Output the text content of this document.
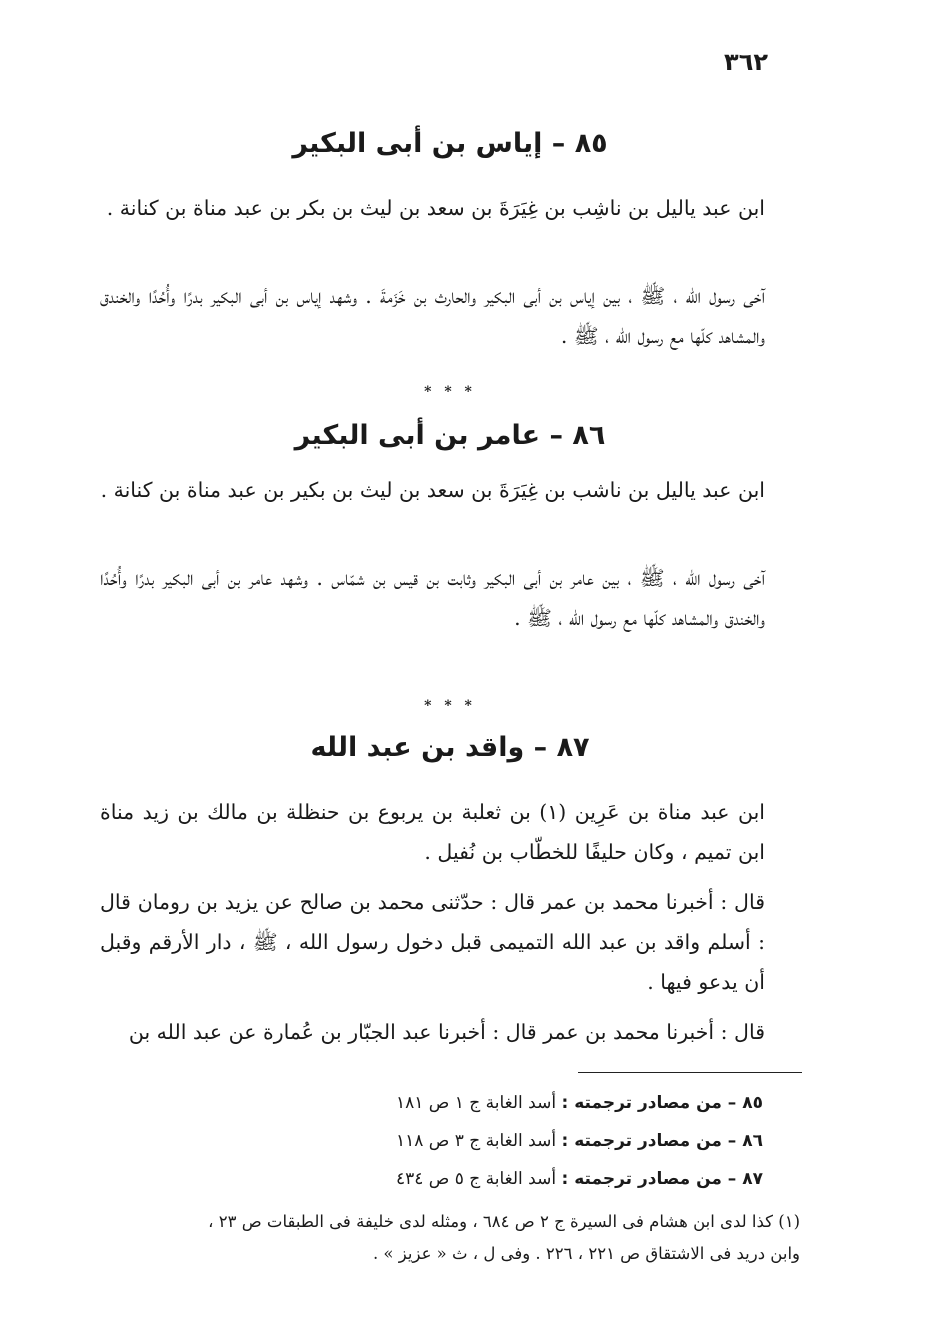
٣٦٢
٨٥ – إياس بن أبى البكير
ابن عبد ياليل بن ناشِب بن غِيَرَةَ بن سعد بن ليث بن بكر بن عبد مناة بن كنانة .
آخى رسول الله ، ﷺ ، بين إياس بن أبى البكير والحارث بن خَزَمةَ . وشهد إياس بن أبى البكير بدرًا وأُحُدًا والخندق والمشاهد كلّها مع رسول الله ، ﷺ .
* * *
٨٦ – عامر بن أبى البكير
ابن عبد ياليل بن ناشب بن غِيَرَةَ بن سعد بن ليث بن بكير بن عبد مناة بن كنانة .
آخى رسول الله ، ﷺ ، بين عامر بن أبى البكير وثابت بن قيس بن شمّاس . وشهد عامر بن أبى البكير بدرًا وأُحُدًا والخندق والمشاهد كلّها مع رسول الله ، ﷺ .
* * *
٨٧ – واقد بن عبد الله
ابن عبد مناة بن عَرِين (١) بن ثعلبة بن يربوع بن حنظلة بن مالك بن زيد مناة ابن تميم ، وكان حليفًا للخطّاب بن نُفيل .
قال : أخبرنا محمد بن عمر قال : حدّثنى محمد بن صالح عن يزيد بن رومان قال : أسلم واقد بن عبد الله التميمى قبل دخول رسول الله ، ﷺ ، دار الأرقم وقبل أن يدعو فيها .
قال : أخبرنا محمد بن عمر قال : أخبرنا عبد الجبّار بن عُمارة عن عبد الله بن
٨٥ – من مصادر ترجمته : أسد الغابة ج ١ ص ١٨١
٨٦ – من مصادر ترجمته : أسد الغابة ج ٣ ص ١١٨
٨٧ – من مصادر ترجمته : أسد الغابة ج ٥ ص ٤٣٤
(١) كذا لدى ابن هشام فى السيرة ج ٢ ص ٦٨٤ ، ومثله لدى خليفة فى الطبقات ص ٢٣ ،
وابن دريد فى الاشتقاق ص ٢٢١ ، ٢٢٦ . وفى ل ، ث « عزيز » .
